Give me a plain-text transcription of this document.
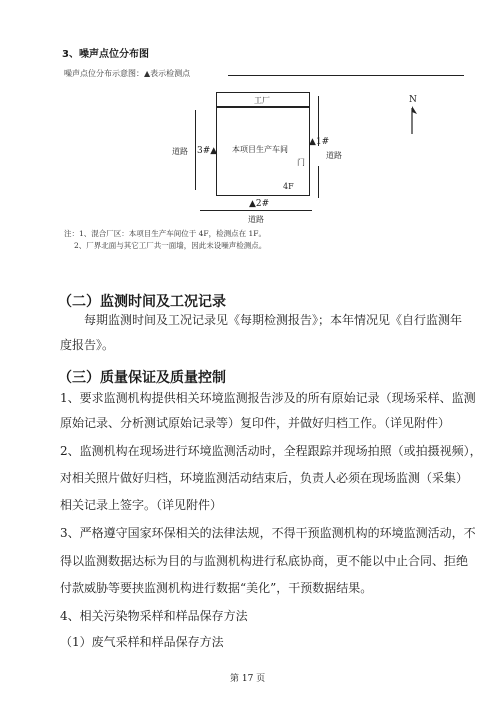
3、噪声点位分布图
噪声点位分布示意图：▲表示检测点
工厂
本项目生产车间
4F
门
道路	道路
道路
▲1#
▲2#
3#▲
N
注：1、混合厂区：本项目生产车间位于 4F，检测点在 1F。
2、厂界北面与其它工厂共一面墙，因此未设噪声检测点。
（二）监测时间及工况记录
每期监测时间及工况记录见《每期检测报告》；本年情况见《自行监测年
度报告》。
（三）质量保证及质量控制
1、要求监测机构提供相关环境监测报告涉及的所有原始记录（现场采样、监测
原始记录、分析测试原始记录等）复印件，并做好归档工作。（详见附件）
2、监测机构在现场进行环境监测活动时，全程跟踪并现场拍照（或拍摄视频），
对相关照片做好归档，环境监测活动结束后，负责人必须在现场监测（采集）
相关记录上签字。（详见附件）
3、严格遵守国家环保相关的法律法规，不得干预监测机构的环境监测活动，不
得以监测数据达标为目的与监测机构进行私底协商，更不能以中止合同、拒绝
付款威胁等要挟监测机构进行数据“美化”，干预数据结果。
4、相关污染物采样和样品保存方法
（1）废气采样和样品保存方法
第 17 页
